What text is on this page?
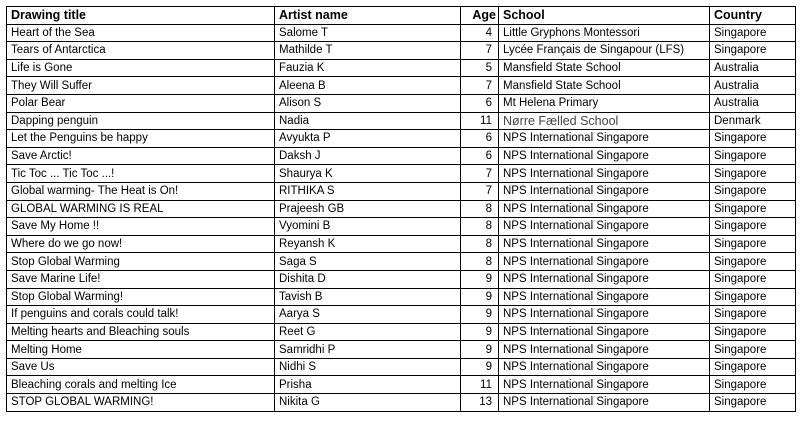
Drawing title	Artist name	Age	School	Country
Heart of the Sea	Salome T	4	Little Gryphons Montessori	Singapore
Tears of Antarctica	Mathilde T	7	Lycée Français de Singapour (LFS)	Singapore
Life is Gone	Fauzia K	5	Mansfield State School	Australia
They Will Suffer	Aleena B	7	Mansfield State School	Australia
Polar Bear	Alison S	6	Mt Helena Primary	Australia
Dapping penguin	Nadia	11	Nørre Fælled School	Denmark
Let the Penguins be happy	Avyukta P	6	NPS International Singapore	Singapore
Save Arctic!	Daksh J	6	NPS International Singapore	Singapore
Tic Toc ... Tic Toc ...!	Shaurya K	7	NPS International Singapore	Singapore
Global warming- The Heat is On!	RITHIKA S	7	NPS International Singapore	Singapore
GLOBAL WARMING IS REAL	Prajeesh GB	8	NPS International Singapore	Singapore
Save My Home !!	Vyomini B	8	NPS International Singapore	Singapore
Where do we go now!	Reyansh K	8	NPS International Singapore	Singapore
Stop Global Warming	Saga S	8	NPS International Singapore	Singapore
Save Marine Life!	Dishita D	9	NPS International Singapore	Singapore
Stop Global Warming!	Tavish B	9	NPS International Singapore	Singapore
If penguins and corals could talk!	Aarya S	9	NPS International Singapore	Singapore
Melting hearts and Bleaching souls	Reet G	9	NPS International Singapore	Singapore
Melting Home	Samridhi P	9	NPS International Singapore	Singapore
Save Us	Nidhi S	9	NPS International Singapore	Singapore
Bleaching corals and melting Ice	Prisha	11	NPS International Singapore	Singapore
STOP GLOBAL WARMING!	Nikita G	13	NPS International Singapore	Singapore
